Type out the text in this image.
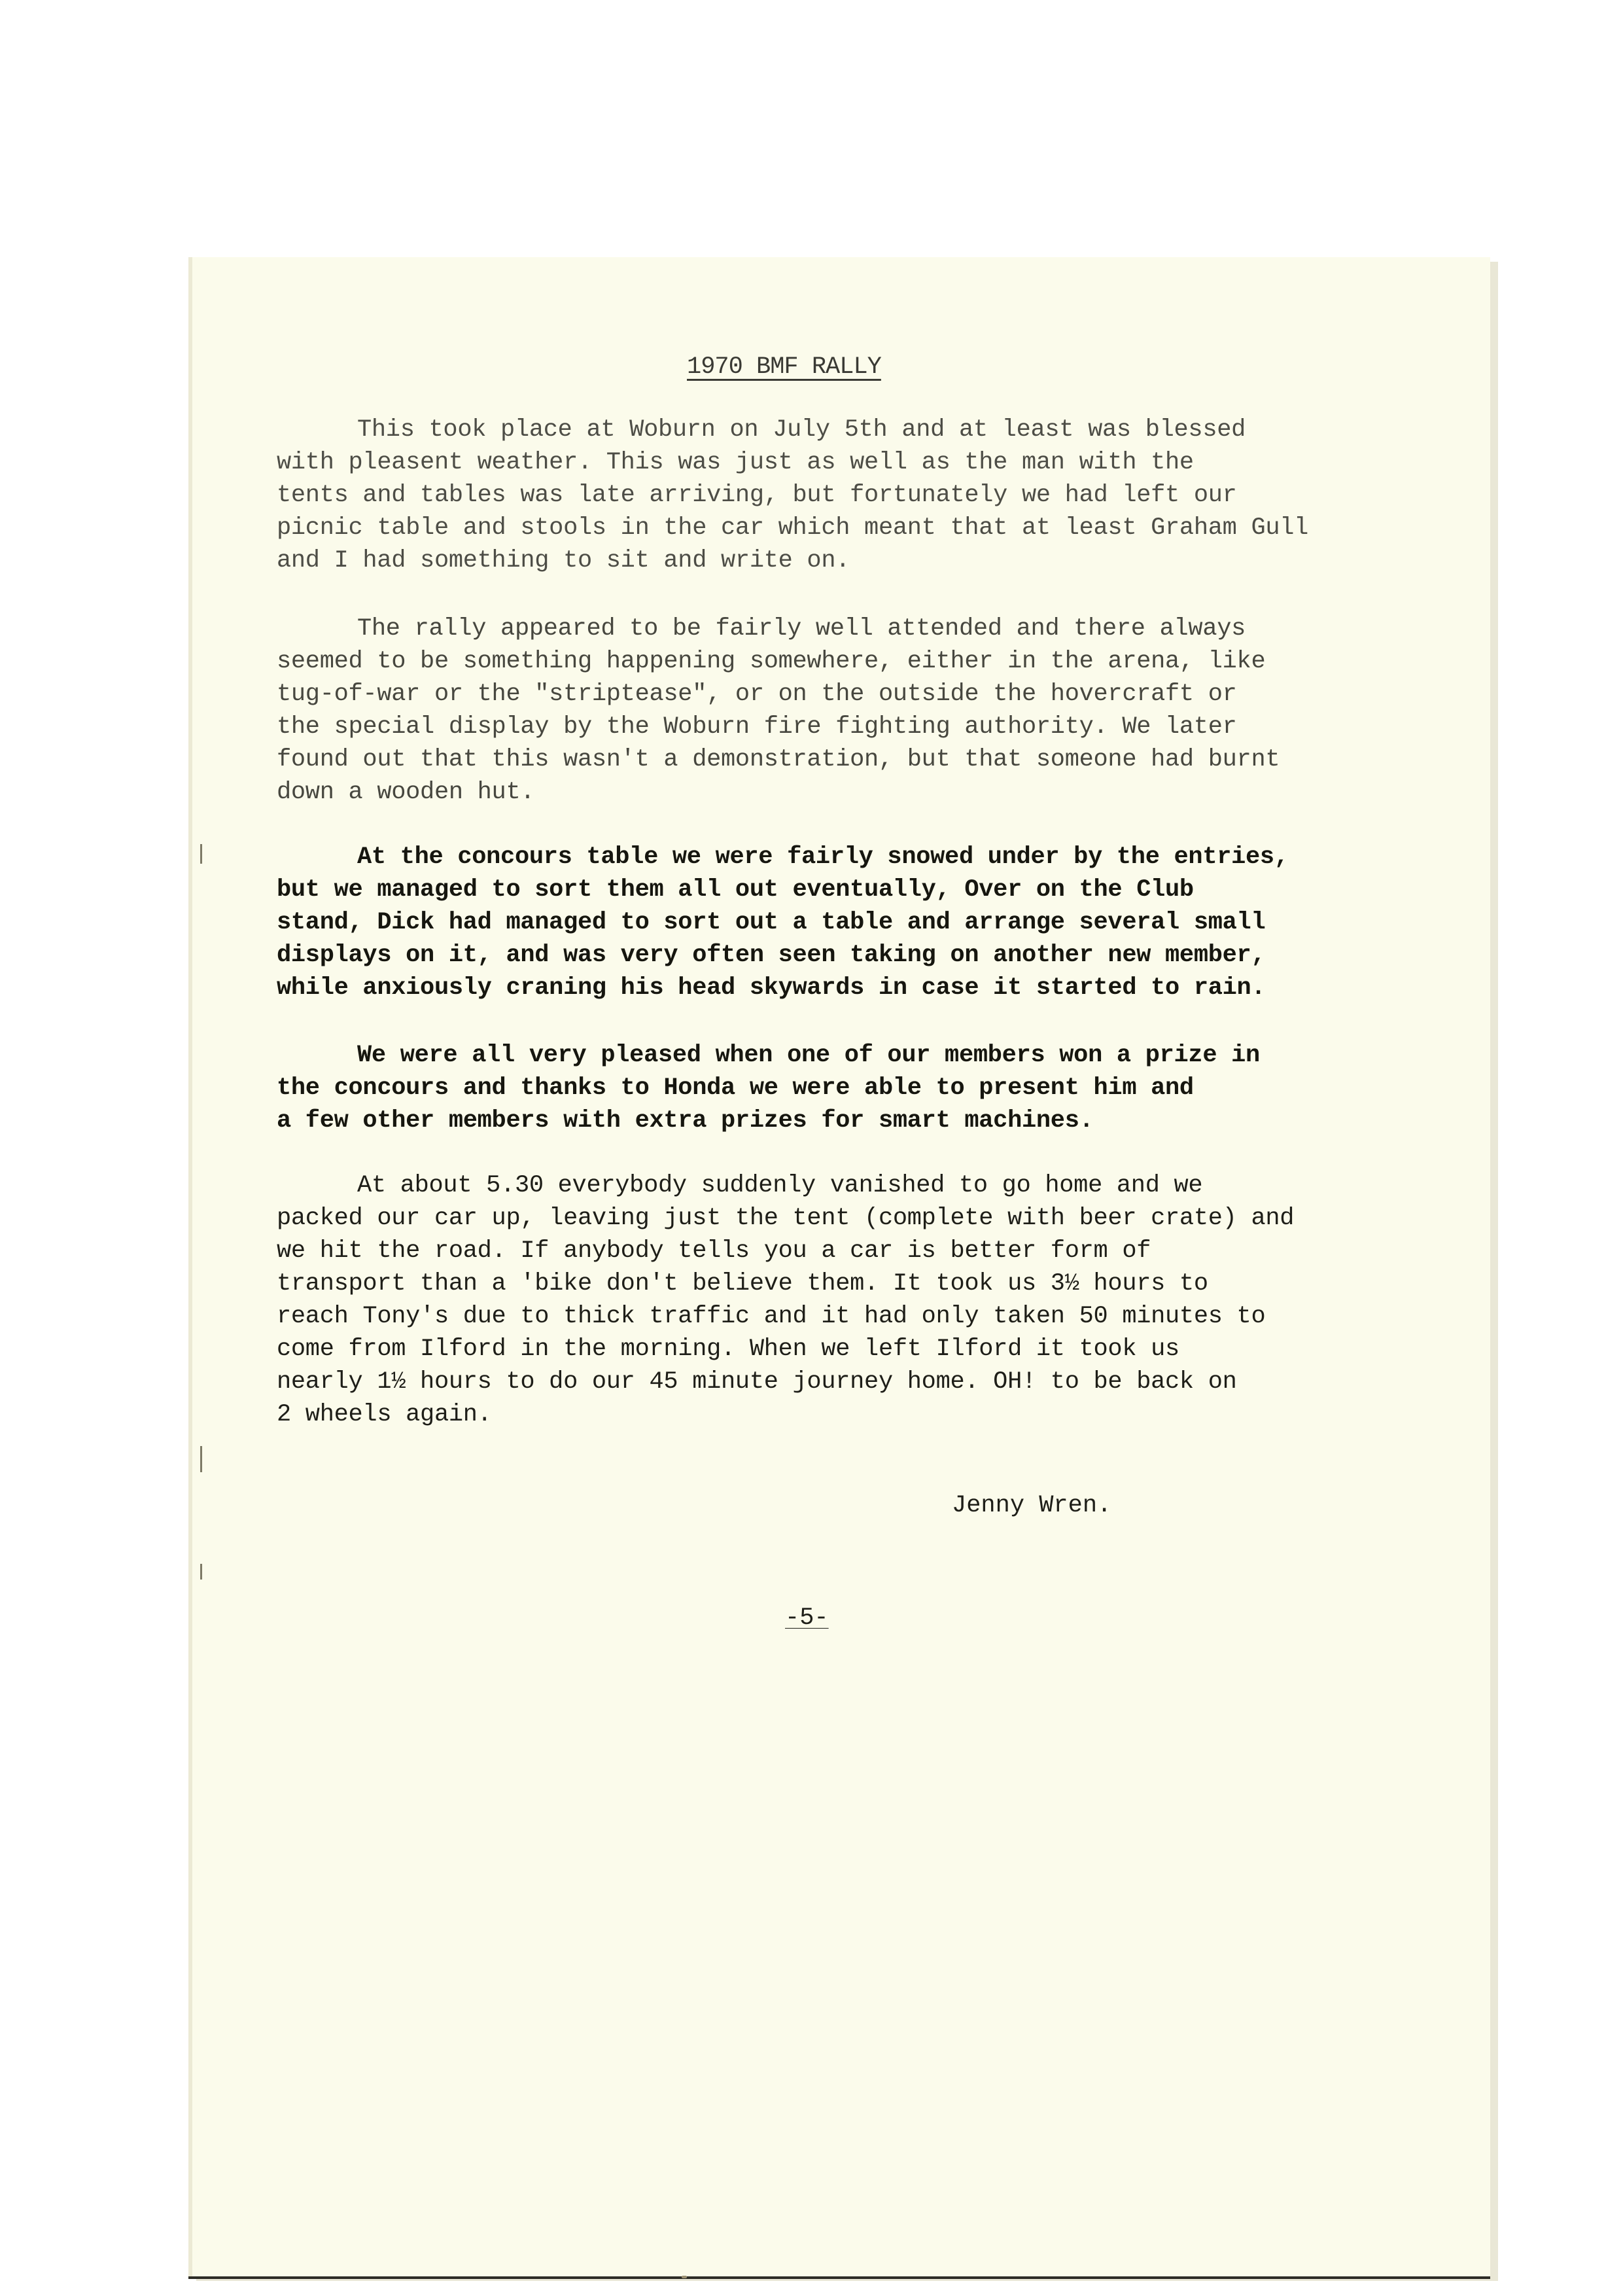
1970 BMF RALLY
This took place at Woburn on July 5th and at least was blessed
with pleasent weather. This was just as well as the man with the
tents and tables was late arriving, but fortunately we had left our
picnic table and stools in the car which meant that at least Graham Gull
and I had something to sit and write on.
The rally appeared to be fairly well attended and there always
seemed to be something happening somewhere, either in the arena, like
tug-of-war or the "striptease", or on the outside the hovercraft or
the special display by the Woburn fire fighting authority. We later
found out that this wasn't a demonstration, but that someone had burnt
down a wooden hut.
At the concours table we were fairly snowed under by the entries,
but we managed to sort them all out eventually, Over on the Club
stand, Dick had managed to sort out a table and arrange several small
displays on it, and was very often seen taking on another new member,
while anxiously craning his head skywards in case it started to rain.
We were all very pleased when one of our members won a prize in
the concours and thanks to Honda we were able to present him and
a few other members with extra prizes for smart machines.
At about 5.30 everybody suddenly vanished to go home and we
packed our car up, leaving just the tent (complete with beer crate) and
we hit the road. If anybody tells you a car is better form of
transport than a 'bike don't believe them. It took us 3½ hours to
reach Tony's due to thick traffic and it had only taken 50 minutes to
come from Ilford in the morning. When we left Ilford it took us
nearly 1½ hours to do our 45 minute journey home. OH! to be back on
2 wheels again.

Jenny Wren.

-5-
